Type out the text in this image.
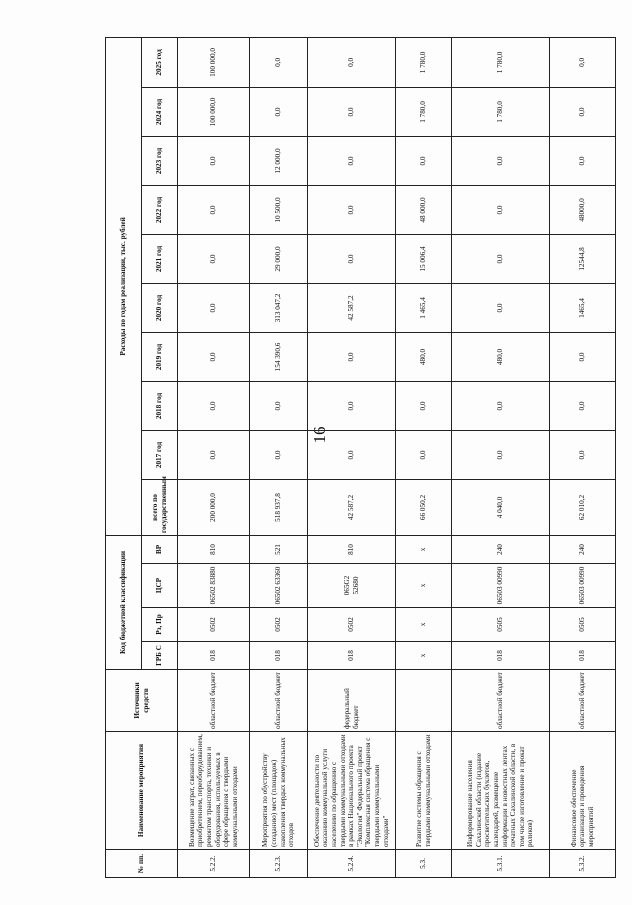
16
№ пп.	Наименование мероприятия	Источники средств	Код бюджетной классификации				Расходы по годам реализации, тыс. рублей									
			ГРБ С	Рз, Пр	ЦСР	ВР	всего по государственным	2017 год	2018 год	2019 год	2020 год	2021 год	2022 год	2023 год	2024 год	2025 год
5.2.2.	Возмещение затрат, связанных с приобретением, переоборудованием, ремонтом транспорта, техники и оборудования, используемых в сфере обращения с твердыми коммунальными отходами	областной бюджет	018	0502	06502 83880	810	200 000,0	0,0	0,0	0,0	0,0	0,0	0,0	0,0	100 000,0	100 000,0
5.2.3.	Мероприятия по обустройству (созданию) мест (площадок) накопления твердых коммунальных отходов	областной бюджет	018	0502	06502 63360	521	518 937,8	0,0	0,0	154 390,6	313 047,2	29 000,0	10 500,0	12 000,0	0,0	0,0
5.2.4.	Обеспечение деятельности по оказанию коммунальной услуги населению по обращению с твердыми коммунальными отходами в рамках Национального проекта "Экология" Федеральный проект "Комплексная система обращения с твердыми коммунальными отходами"	федеральный бюджет	018	0502	065G2 52680	810	42 587,2	0,0	0,0	0,0	42 587,2	0,0	0,0	0,0	0,0	0,0
5.3.	Развитие системы обращения с твердыми коммунальными отходами		x	x	x	x	66 050,2	0,0	0,0	480,0	1 465,4	15 006,4	48 000,0	0,0	1 780,0	1 780,0
5.3.1.	Информирование населения Сахалинской области (издание просветительских буклетов, календарей, размещение информации в новостных лентах печатных Сахалинской области, в том числе изготовление и прокат роликов)	областной бюджет	018	0505	06503 00990	240	4 040,0	0,0	0,0	480,0	0,0	0,0	0,0	0,0	1 780,0	1 780,0
5.3.2.	Финансовое обеспечение организации и проведения мероприятий	областной бюджет	018	0505	06503 00990	240	62 010,2	0,0	0,0	0,0	1465,4	12544,8	48000,0	0,0	0,0	0,0
